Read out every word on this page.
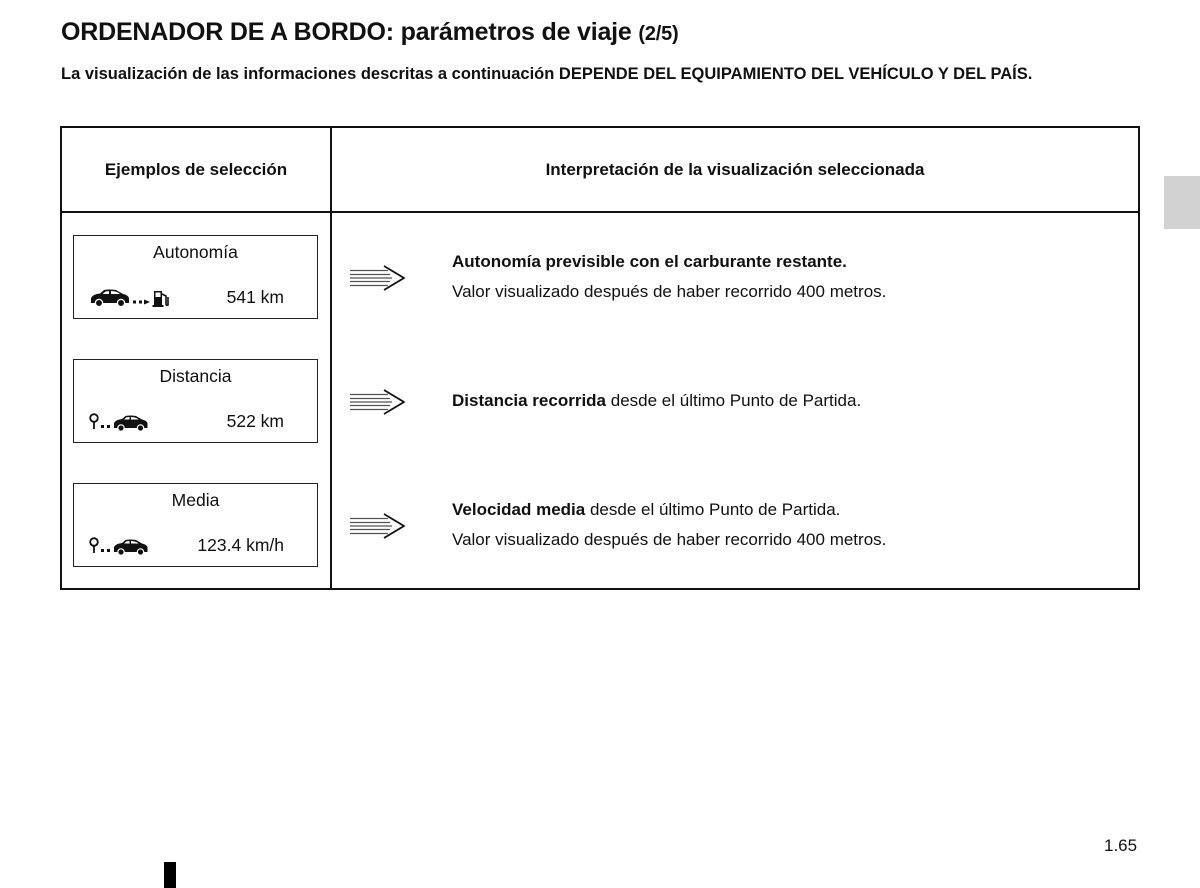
ORDENADOR DE A BORDO: parámetros de viaje (2/5)
La visualización de las informaciones descritas a continuación DEPENDE DEL EQUIPAMIENTO DEL VEHÍCULO Y DEL PAÍS.
Ejemplos de selección	Interpretación de la visualización seleccionada
Autonomía
541 km
Autonomía previsible con el carburante restante.
Valor visualizado después de haber recorrido 400 metros.
Distancia
522 km
Distancia recorrida desde el último Punto de Partida.
Media
123.4 km/h
Velocidad media desde el último Punto de Partida.
Valor visualizado después de haber recorrido 400 metros.
1.65
